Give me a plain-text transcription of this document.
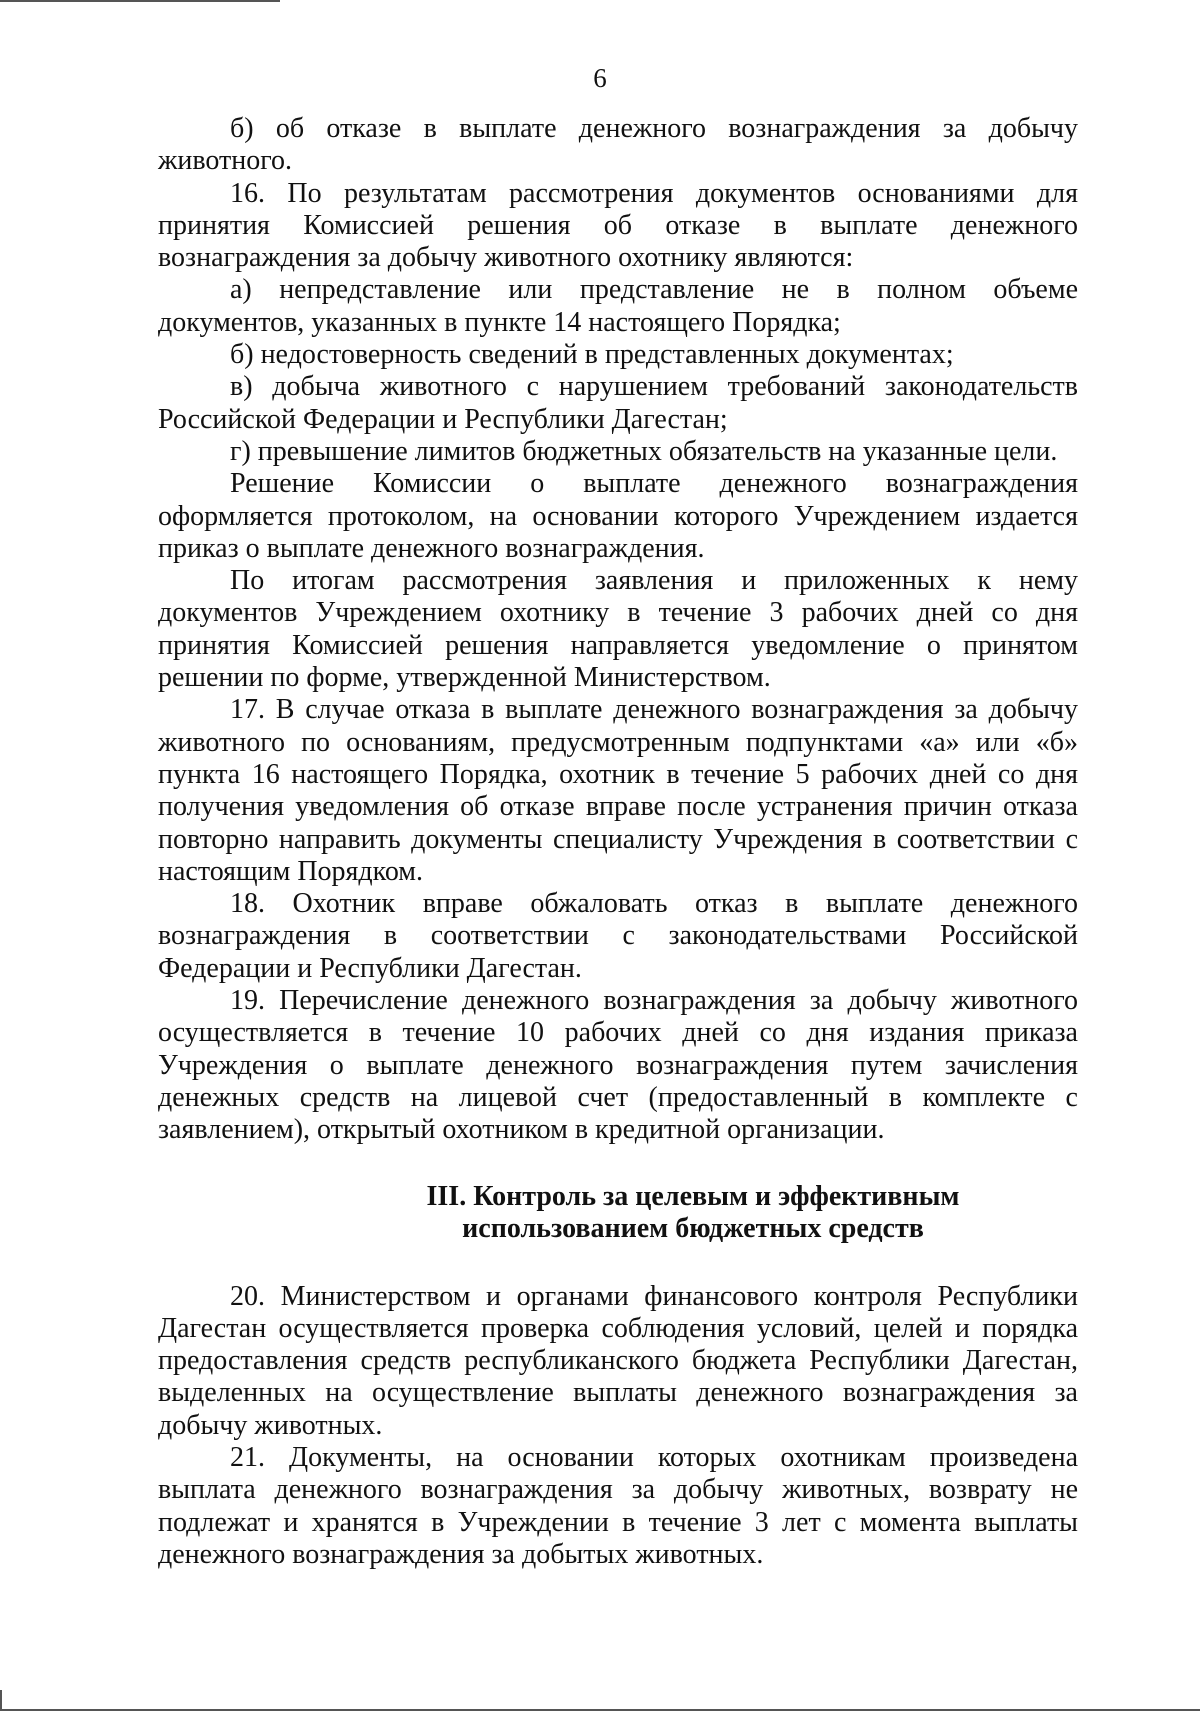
6

б) об отказе в выплате денежного вознаграждения за добычу животного.

16. По результатам рассмотрения документов основаниями для принятия Комиссией решения об отказе в выплате денежного вознаграждения за добычу животного охотнику являются:

а) непредставление или представление не в полном объеме документов, указанных в пункте 14 настоящего Порядка;

б) недостоверность сведений в представленных документах;

в) добыча животного с нарушением требований законодательств Российской Федерации и Республики Дагестан;

г) превышение лимитов бюджетных обязательств на указанные цели.

Решение Комиссии о выплате денежного вознаграждения оформляется протоколом, на основании которого Учреждением издается приказ о выплате денежного вознаграждения.

По итогам рассмотрения заявления и приложенных к нему документов Учреждением охотнику в течение 3 рабочих дней со дня принятия Комиссией решения направляется уведомление о принятом решении по форме, утвержденной Министерством.

17. В случае отказа в выплате денежного вознаграждения за добычу животного по основаниям, предусмотренным подпунктами «а» или «б» пункта 16 настоящего Порядка, охотник в течение 5 рабочих дней со дня получения уведомления об отказе вправе после устранения причин отказа повторно направить документы специалисту Учреждения в соответствии с настоящим Порядком.

18. Охотник вправе обжаловать отказ в выплате денежного вознаграждения в соответствии с законодательствами Российской Федерации и Республики Дагестан.

19. Перечисление денежного вознаграждения за добычу животного осуществляется в течение 10 рабочих дней со дня издания приказа Учреждения о выплате денежного вознаграждения путем зачисления денежных средств на лицевой счет (предоставленный в комплекте с заявлением), открытый охотником в кредитной организации.

III. Контроль за целевым и эффективным
использованием бюджетных средств

20. Министерством и органами финансового контроля Республики Дагестан осуществляется проверка соблюдения условий, целей и порядка предоставления средств республиканского бюджета Республики Дагестан, выделенных на осуществление выплаты денежного вознаграждения за добычу животных.

21. Документы, на основании которых охотникам произведена выплата денежного вознаграждения за добычу животных, возврату не подлежат и хранятся в Учреждении в течение 3 лет с момента выплаты денежного вознаграждения за добытых животных.
